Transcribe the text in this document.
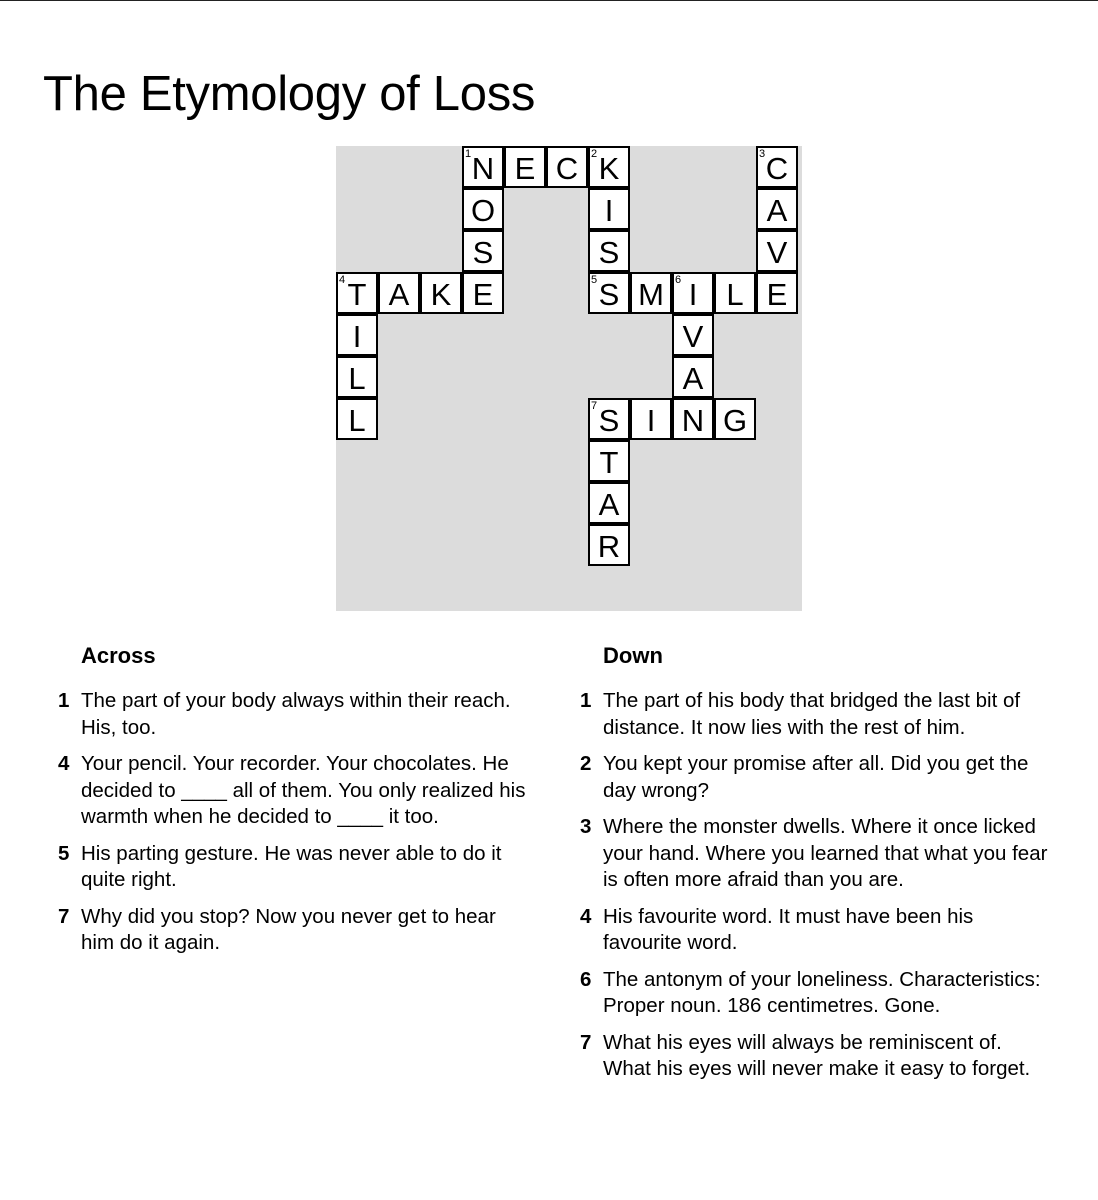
The Etymology of Loss
1 N E C 2 K	3 C
O	I	A
S	S	V
4 T A K E	5 S M 6 I L E
I	V
L	A
L	7 S I N G
T
A
R
Across
1 The part of your body always within their reach. His, too.
4 Your pencil. Your recorder. Your chocolates. He decided to ____ all of them. You only realized his warmth when he decided to ____ it too.
5 His parting gesture. He was never able to do it quite right.
7 Why did you stop? Now you never get to hear him do it again.
Down
1 The part of his body that bridged the last bit of distance. It now lies with the rest of him.
2 You kept your promise after all. Did you get the day wrong?
3 Where the monster dwells. Where it once licked your hand. Where you learned that what you fear is often more afraid than you are.
4 His favourite word. It must have been his favourite word.
6 The antonym of your loneliness. Characteristics: Proper noun. 186 centimetres. Gone.
7 What his eyes will always be reminiscent of. What his eyes will never make it easy to forget.
